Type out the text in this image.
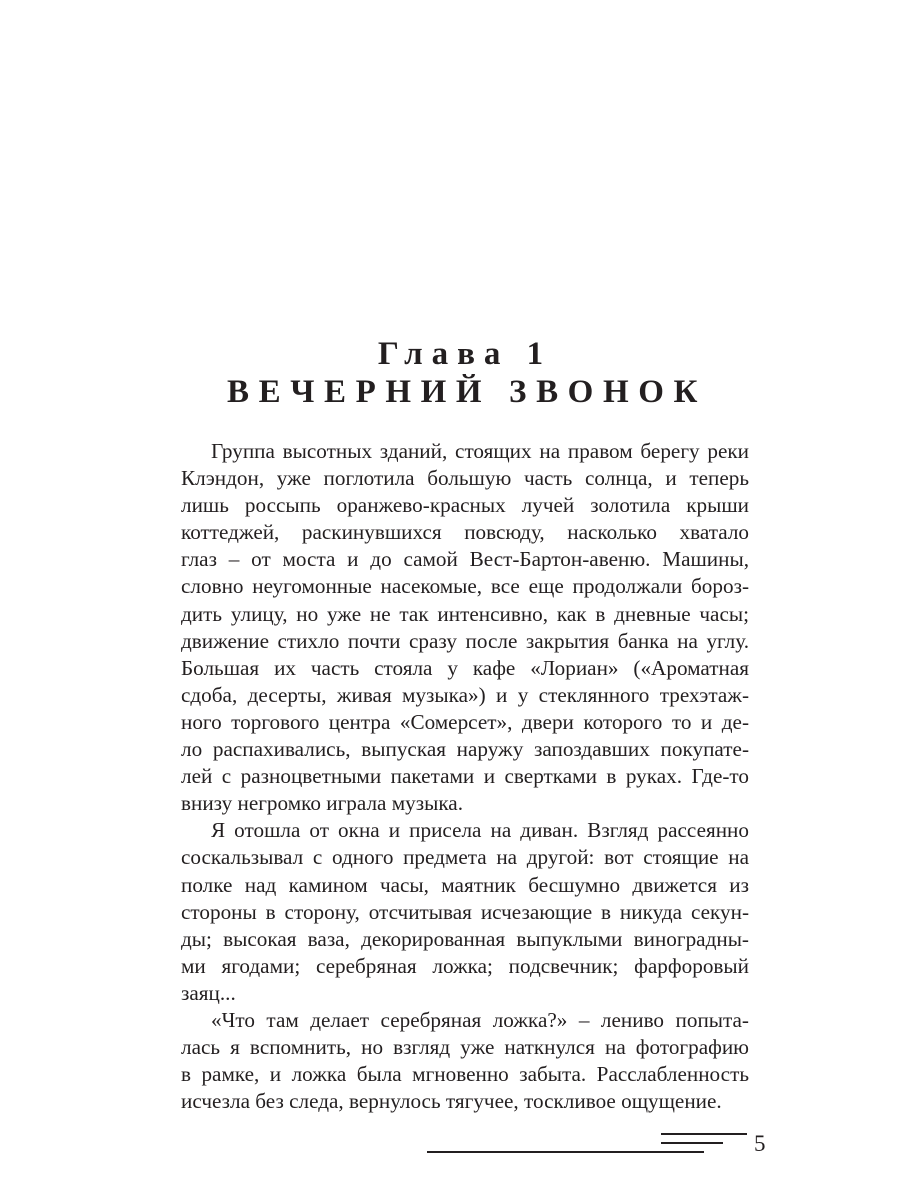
Глава 1
ВЕЧЕРНИЙ ЗВОНОК
Группа высотных зданий, стоящих на правом берегу реки
Клэндон, уже поглотила большую часть солнца, и теперь
лишь россыпь оранжево-красных лучей золотила крыши
коттеджей, раскинувшихся повсюду, насколько хватало
глаз – от моста и до самой Вест-Бартон-авеню. Машины,
словно неугомонные насекомые, все еще продолжали бороз-
дить улицу, но уже не так интенсивно, как в дневные часы;
движение стихло почти сразу после закрытия банка на углу.
Большая их часть стояла у кафе «Лориан» («Ароматная
сдоба, десерты, живая музыка») и у стеклянного трехэтаж-
ного торгового центра «Сомерсет», двери которого то и де-
ло распахивались, выпуская наружу запоздавших покупате-
лей с разноцветными пакетами и свертками в руках. Где-то
внизу негромко играла музыка.
Я отошла от окна и присела на диван. Взгляд рассеянно
соскальзывал с одного предмета на другой: вот стоящие на
полке над камином часы, маятник бесшумно движется из
стороны в сторону, отсчитывая исчезающие в никуда секун-
ды; высокая ваза, декорированная выпуклыми виноградны-
ми ягодами; серебряная ложка; подсвечник; фарфоровый
заяц...
«Что там делает серебряная ложка?» – лениво попыта-
лась я вспомнить, но взгляд уже наткнулся на фотографию
в рамке, и ложка была мгновенно забыта. Расслабленность
исчезла без следа, вернулось тягучее, тоскливое ощущение.
5
